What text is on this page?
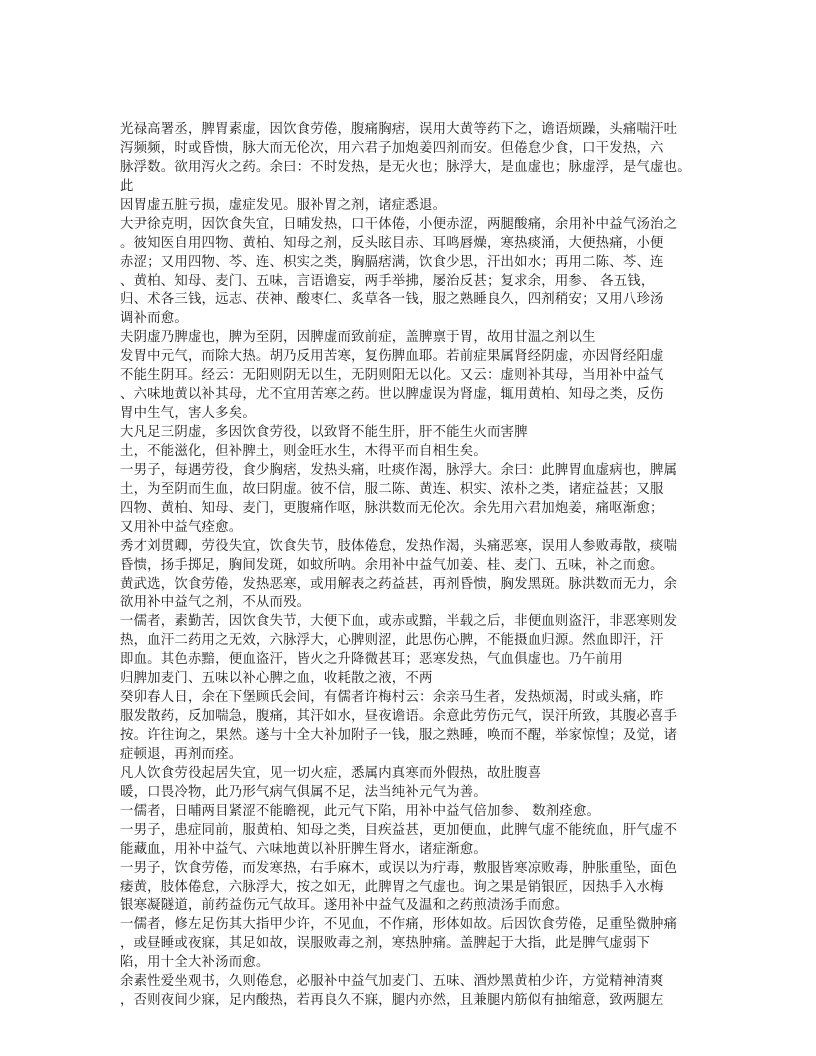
光禄高署丞，脾胃素虚，因饮食劳倦，腹痛胸痞，误用大黄等药下之，谵语烦躁，头痛喘汗吐
泻频频，时或昏愦，脉大而无伦次，用六君子加炮姜四剂而安。但倦怠少食，口干发热，六
脉浮数。欲用泻火之药。余曰：不时发热，是无火也；脉浮大，是血虚也；脉虚浮，是气虚也。
此
因胃虚五脏亏损，虚症发见。服补胃之剂，诸症悉退。
大尹徐克明，因饮食失宜，日晡发热，口干体倦，小便赤涩，两腿酸痛，余用补中益气汤治之
。彼知医自用四物、黄柏、知母之剂，反头眩目赤、耳鸣唇燥，寒热痰涌，大便热痛，小便
赤涩；又用四物、芩、连、枳实之类，胸膈痞满，饮食少思，汗出如水；再用二陈、芩、连
、黄柏、知母、麦门、五味，言语谵妄，两手举拂，屡治反甚；复求余，用参、 各五钱，
归、术各三钱，远志、茯神、酸枣仁、炙草各一钱，服之熟睡良久，四剂稍安；又用八珍汤
调补而愈。
夫阴虚乃脾虚也，脾为至阴，因脾虚而致前症，盖脾禀于胃，故用甘温之剂以生
发胃中元气，而除大热。胡乃反用苦寒，复伤脾血耶。若前症果属肾经阴虚，亦因肾经阳虚
不能生阴耳。经云：无阳则阴无以生，无阴则阳无以化。又云：虚则补其母，当用补中益气
、六味地黄以补其母，尤不宜用苦寒之药。世以脾虚误为肾虚，辄用黄柏、知母之类，反伤
胃中生气，害人多矣。
大凡足三阴虚，多因饮食劳役，以致肾不能生肝，肝不能生火而害脾
土，不能滋化，但补脾土，则金旺水生，木得平而自相生矣。
一男子，每遇劳役，食少胸痞，发热头痛，吐痰作渴，脉浮大。余曰：此脾胃血虚病也，脾属
土，为至阴而生血，故曰阴虚。彼不信，服二陈、黄连、枳实、浓朴之类，诸症益甚；又服
四物、黄柏、知母、麦门，更腹痛作呕，脉洪数而无伦次。余先用六君加炮姜，痛呕渐愈；
又用补中益气痊愈。
秀才刘贯卿，劳役失宜，饮食失节，肢体倦怠，发热作渴，头痛恶寒，误用人参败毒散，痰喘
昏愦，扬手掷足，胸间发斑，如蚊所呐。余用补中益气加姜、桂、麦门、五味，补之而愈。
黄武选，饮食劳倦，发热恶寒，或用解表之药益甚，再剂昏愦，胸发黑斑。脉洪数而无力，余
欲用补中益气之剂，不从而殁。
一儒者，素勤苦，因饮食失节，大便下血，或赤或黯，半载之后，非便血则盗汗，非恶寒则发
热，血汗二药用之无效，六脉浮大，心脾则涩，此思伤心脾，不能摄血归源。然血即汗，汗
即血。其色赤黯，便血盗汗，皆火之升降微甚耳；恶寒发热，气血俱虚也。乃午前用
归脾加麦门、五味以补心脾之血，收耗散之液，不两
癸卯春人日，余在下堡顾氏会间，有儒者许梅村云：余亲马生者，发热烦渴，时或头痛，昨
服发散药，反加喘急，腹痛，其汗如水，昼夜谵语。余意此劳伤元气，误汗所致，其腹必喜手
按。许往询之，果然。遂与十全大补加附子一钱，服之熟睡，唤而不醒，举家惊惶；及觉，诸
症顿退，再剂而痊。
凡人饮食劳役起居失宜，见一切火症，悉属内真寒而外假热，故肚腹喜
暖，口畏冷物，此乃形气病气俱属不足，法当纯补元气为善。
一儒者，日晡两目紧涩不能瞻视，此元气下陷，用补中益气倍加参、 数剂痊愈。
一男子，患症同前，服黄柏、知母之类，目疾益甚，更加便血，此脾气虚不能统血，肝气虚不
能藏血，用补中益气、六味地黄以补肝脾生肾水，诸症渐愈。
一男子，饮食劳倦，而发寒热，右手麻木，或误以为疔毒，敷服皆寒凉败毒，肿胀重坠，面色
痿黄，肢体倦怠，六脉浮大，按之如无，此脾胃之气虚也。询之果是销银匠，因热手入水梅
银寒凝隧道，前药益伤元气故耳。遂用补中益气及温和之药煎渍汤手而愈。
一儒者，修左足伤其大指甲少许，不见血，不作痛，形体如故。后因饮食劳倦，足重坠微肿痛
，或昼睡或夜寐，其足如故，误服败毒之剂，寒热肿痛。盖脾起于大指，此是脾气虚弱下
陷，用十全大补汤而愈。
余素性爱坐观书，久则倦怠，必服补中益气加麦门、五味、酒炒黑黄柏少许，方觉精神清爽
，否则夜间少寐，足内酸热，若再良久不寐，腿内亦然，且兼腿内筋似有抽缩意，致两腿左
